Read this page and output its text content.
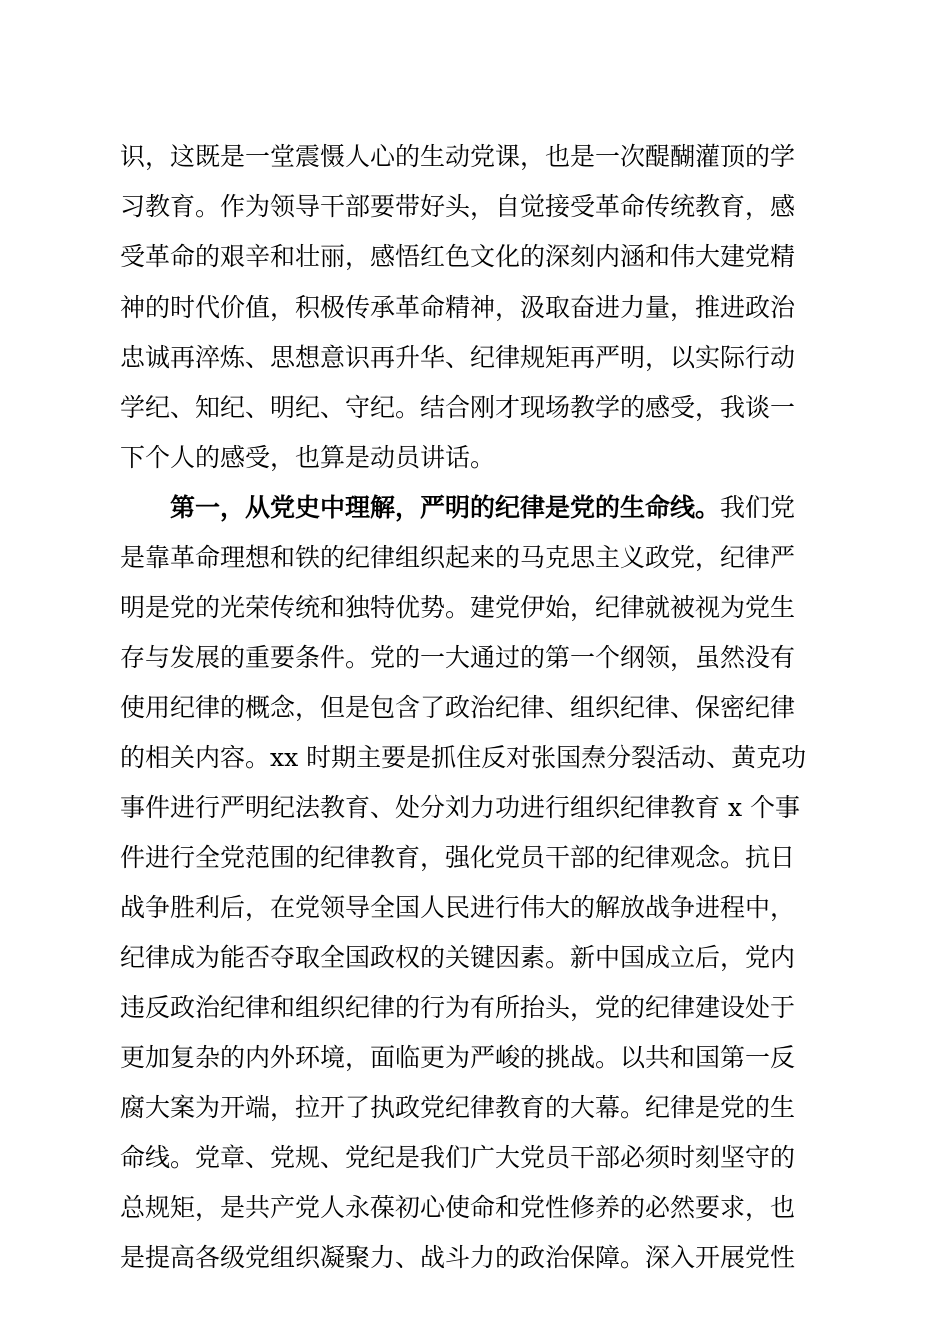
识，这既是一堂震慑人心的生动党课，也是一次醍醐灌顶的学
习教育。作为领导干部要带好头，自觉接受革命传统教育，感
受革命的艰辛和壮丽，感悟红色文化的深刻内涵和伟大建党精
神的时代价值，积极传承革命精神，汲取奋进力量，推进政治
忠诚再淬炼、思想意识再升华、纪律规矩再严明，以实际行动
学纪、知纪、明纪、守纪。结合刚才现场教学的感受，我谈一
下个人的感受，也算是动员讲话。
第一，从党史中理解，严明的纪律是党的生命线。我们党
是靠革命理想和铁的纪律组织起来的马克思主义政党，纪律严
明是党的光荣传统和独特优势。建党伊始，纪律就被视为党生
存与发展的重要条件。党的一大通过的第一个纲领，虽然没有
使用纪律的概念，但是包含了政治纪律、组织纪律、保密纪律
的相关内容。xx 时期主要是抓住反对张国焘分裂活动、黄克功
事件进行严明纪法教育、处分刘力功进行组织纪律教育 x 个事
件进行全党范围的纪律教育，强化党员干部的纪律观念。抗日
战争胜利后，在党领导全国人民进行伟大的解放战争进程中，
纪律成为能否夺取全国政权的关键因素。新中国成立后，党内
违反政治纪律和组织纪律的行为有所抬头，党的纪律建设处于
更加复杂的内外环境，面临更为严峻的挑战。以共和国第一反
腐大案为开端，拉开了执政党纪律教育的大幕。纪律是党的生
命线。党章、党规、党纪是我们广大党员干部必须时刻坚守的
总规矩，是共产党人永葆初心使命和党性修养的必然要求，也
是提高各级党组织凝聚力、战斗力的政治保障。深入开展党性
